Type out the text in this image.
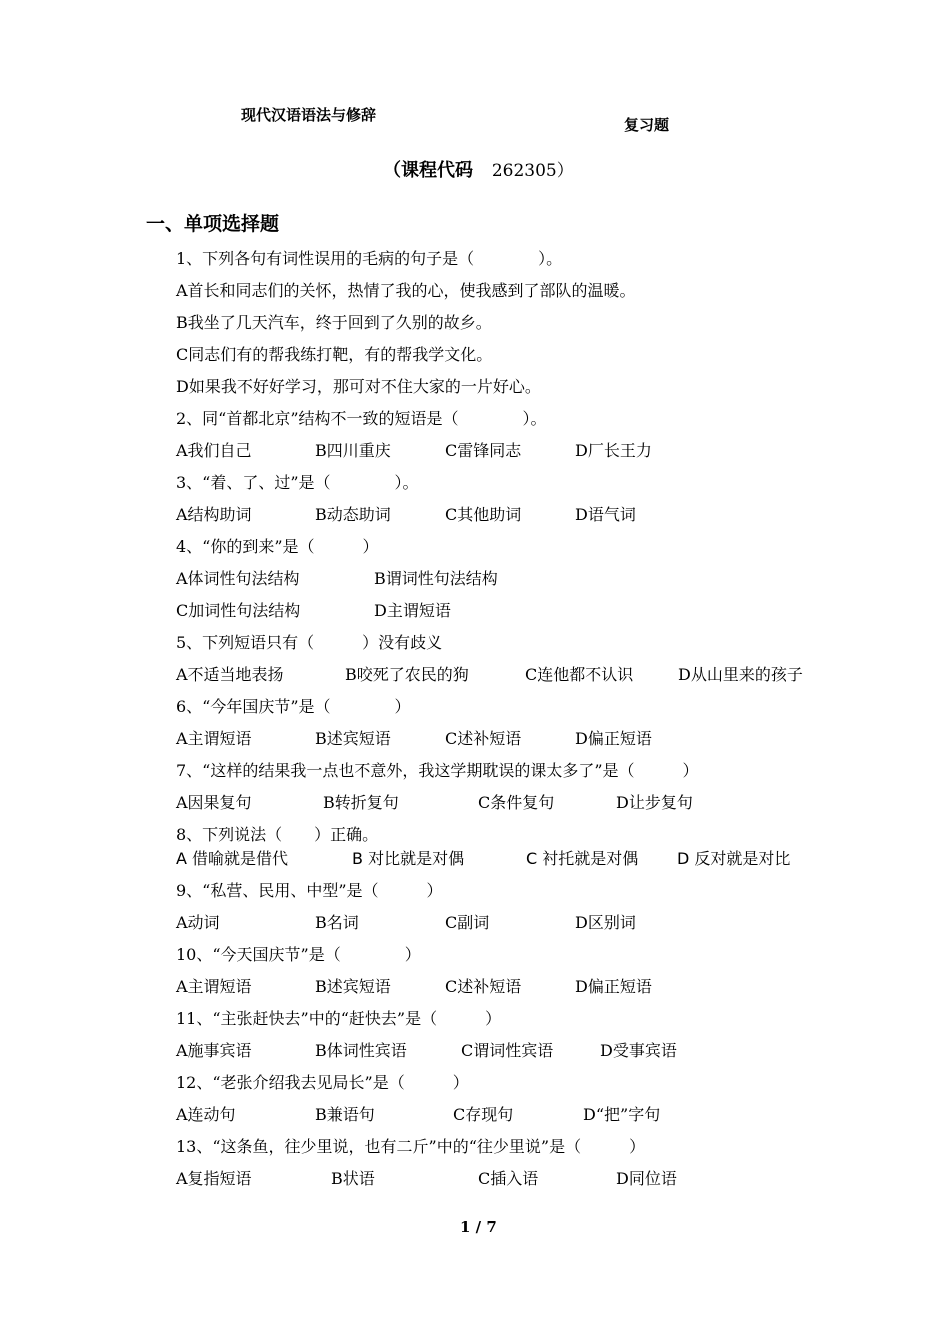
现代汉语语法与修辞
复习题
（课程代码 262305）
一、单项选择题
1、下列各句有词性误用的毛病的句子是（　　　　）。
A首长和同志们的关怀，热情了我的心，使我感到了部队的温暖。
B我坐了几天汽车，终于回到了久别的故乡。
C同志们有的帮我练打靶，有的帮我学文化。
D如果我不好好学习，那可对不住大家的一片好心。
2、同“首都北京”结构不一致的短语是（　　　　）。
A我们自己	B四川重庆	C雷锋同志	D厂长王力
3、“着、了、过”是（　　　　）。
A结构助词	B动态助词	C其他助词	D语气词
4、“你的到来”是（　　　）
A体词性句法结构	B谓词性句法结构
C加词性句法结构	D主谓短语
5、下列短语只有（　　　）没有歧义
A不适当地表扬	B咬死了农民的狗	C连他都不认识	D从山里来的孩子
6、“今年国庆节”是（　　　　）
A主谓短语	B述宾短语	C述补短语	D偏正短语
7、“这样的结果我一点也不意外，我这学期耽误的课太多了”是（　　　）
A因果复句	B转折复句	C条件复句	D让步复句
8、下列说法（　　）正确。
A 借喻就是借代	B 对比就是对偶	C 衬托就是对偶 D 反对就是对比
9、“私营、民用、中型”是（　　　）
A动词	B名词	C副词	D区别词
10、“今天国庆节”是（　　　　）
A主谓短语	B述宾短语	C述补短语	D偏正短语
11、“主张赶快去”中的“赶快去”是（　　　）
A施事宾语	B体词性宾语	C谓词性宾语	D受事宾语
12、“老张介绍我去见局长”是（　　　）
A连动句	B兼语句	C存现句	D“把”字句
13、“这条鱼，往少里说，也有二斤”中的“往少里说”是（　　　）
A复指短语	B状语	C插入语	D同位语
1 / 7
